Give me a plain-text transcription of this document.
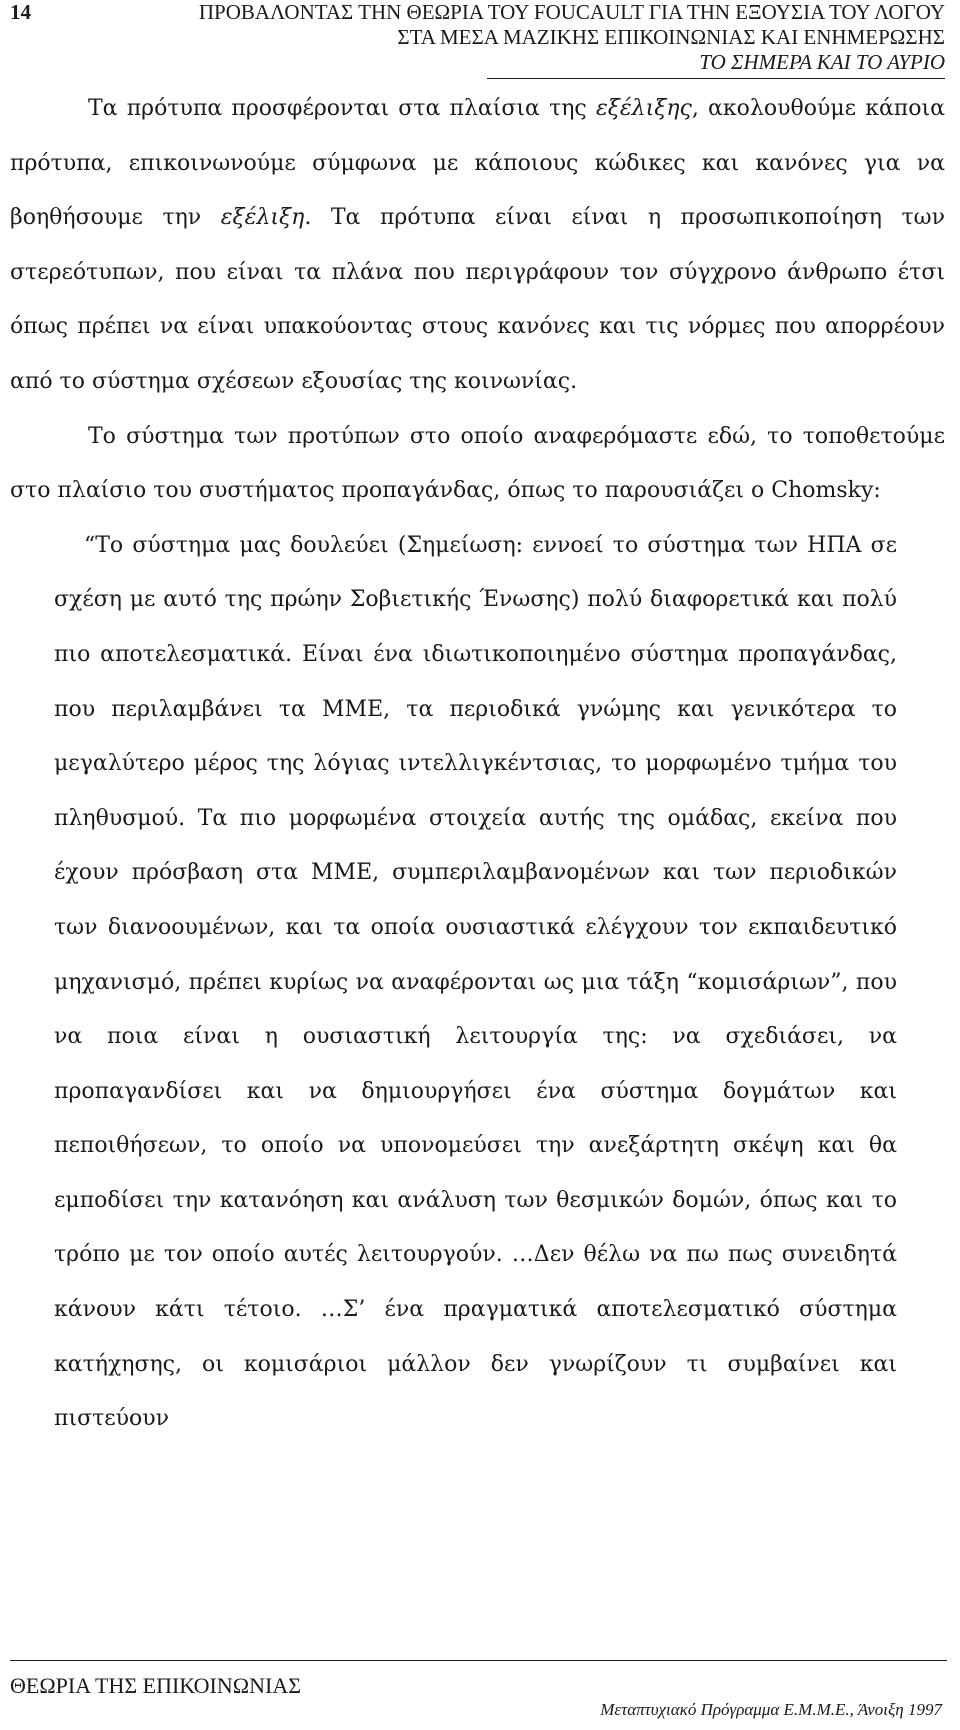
14	ΠΡΟΒΑΛΟΝΤΑΣ ΤΗΝ ΘΕΩΡΙΑ ΤΟΥ FOUCAULT ΓΙΑ ΤΗΝ ΕΞΟΥΣΙΑ ΤΟΥ ΛΟΓΟΥ
ΣΤΑ ΜΕΣΑ ΜΑΖΙΚΗΣ ΕΠΙΚΟΙΝΩΝΙΑΣ ΚΑΙ ΕΝΗΜΕΡΩΣΗΣ
ΤΟ ΣΗΜΕΡΑ ΚΑΙ ΤΟ ΑΥΡΙΟ

Τα πρότυπα προσφέρονται στα πλαίσια της εξέλιξης, ακολουθούμε κάποια πρότυπα, επικοινωνούμε σύμφωνα με κάποιους κώδικες και κανόνες για να βοηθήσουμε την εξέλιξη. Τα πρότυπα είναι είναι η προσωπικοποίηση των στερεότυπων, που είναι τα πλάνα που περιγράφουν τον σύγχρονο άνθρωπο έτσι όπως πρέπει να είναι υπακούοντας στους κανόνες και τις νόρμες που απορρέουν από το σύστημα σχέσεων εξουσίας της κοινωνίας.

Το σύστημα των προτύπων στο οποίο αναφερόμαστε εδώ, το τοποθετούμε στο πλαίσιο του συστήματος προπαγάνδας, όπως το παρουσιάζει ο Chomsky:

“Το σύστημα μας δουλεύει (Σημείωση: εννοεί το σύστημα των ΗΠΑ σε σχέση με αυτό της πρώην Σοβιετικής Ένωσης) πολύ διαφορετικά και πολύ πιο αποτελεσματικά. Είναι ένα ιδιωτικοποιημένο σύστημα προπαγάνδας, που περιλαμβάνει τα ΜΜΕ, τα περιοδικά γνώμης και γενικότερα το μεγαλύτερο μέρος της λόγιας ιντελλιγκέντσιας, το μορφωμένο τμήμα του πληθυσμού. Τα πιο μορφωμένα στοιχεία αυτής της ομάδας, εκείνα που έχουν πρόσβαση στα ΜΜΕ, συμπεριλαμβανομένων και των περιοδικών των διανοουμένων, και τα οποία ουσιαστικά ελέγχουν τον εκπαιδευτικό μηχανισμό, πρέπει κυρίως να αναφέρονται ως μια τάξη “κομισάριων”, που να ποια είναι η ουσιαστική λειτουργία της: να σχεδιάσει, να προπαγανδίσει και να δημιουργήσει ένα σύστημα δογμάτων και πεποιθήσεων, το οποίο να υπονομεύσει την ανεξάρτητη σκέψη και θα εμποδίσει την κατανόηση και ανάλυση των θεσμικών δομών, όπως και το τρόπο με τον οποίο αυτές λειτουργούν. …Δεν θέλω να πω πως συνειδητά κάνουν κάτι τέτοιο. …Σ’ ένα πραγματικά αποτελεσματικό σύστημα κατήχησης, οι κομισάριοι μάλλον δεν γνωρίζουν τι συμβαίνει και πιστεύουν

ΘΕΩΡΙΑ ΤΗΣ ΕΠΙΚΟΙΝΩΝΙΑΣ
Μεταπτυχιακό Πρόγραμμα Ε.Μ.Μ.Ε., Άνοιξη 1997
